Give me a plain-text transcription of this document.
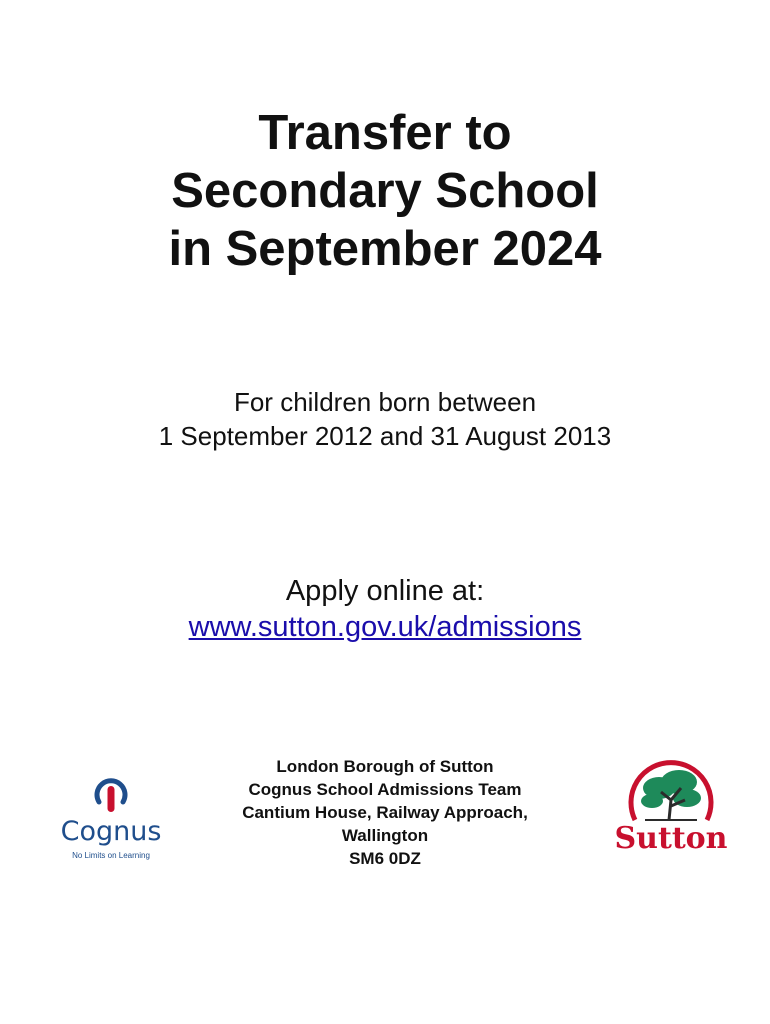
Transfer to
Secondary School
in September 2024
For children born between
1 September 2012 and 31 August 2013
Apply online at:
www.sutton.gov.uk/admissions
Cognus
No Limits on Learning
London Borough of Sutton
Cognus School Admissions Team
Cantium House, Railway Approach,
Wallington
SM6 0DZ
Sutton
